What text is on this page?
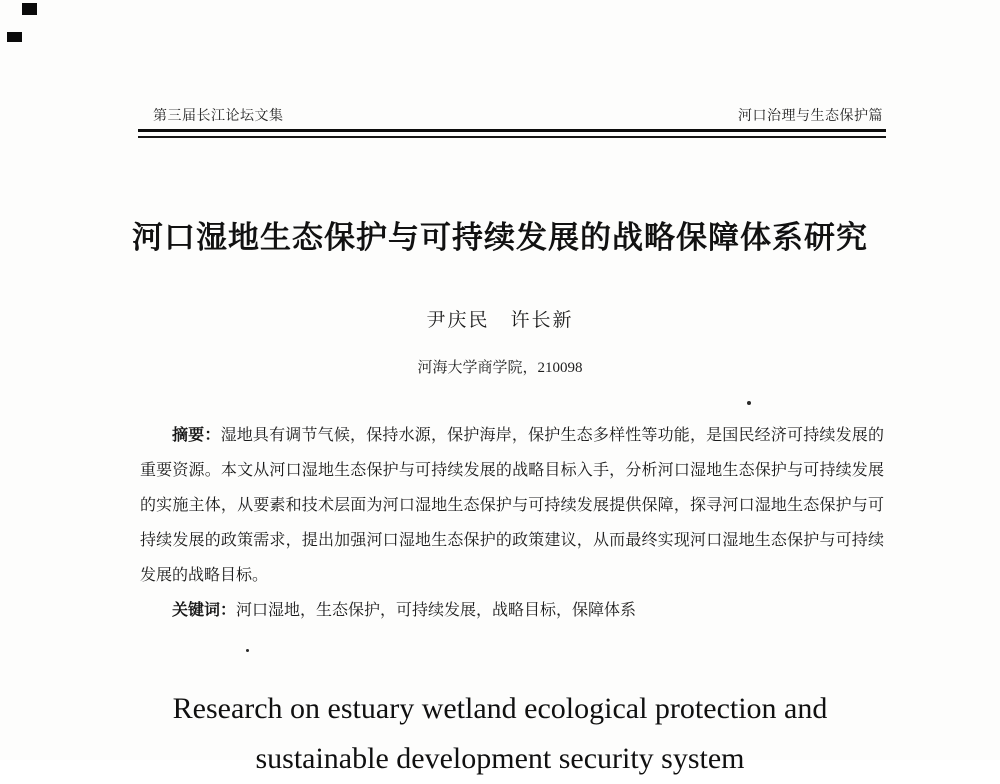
第三届长江论坛文集	河口治理与生态保护篇
河口湿地生态保护与可持续发展的战略保障体系研究
尹庆民　许长新
河海大学商学院，210098

摘要：湿地具有调节气候，保持水源，保护海岸，保护生态多样性等功能，是国民经济可持续发展的重要资源。本文从河口湿地生态保护与可持续发展的战略目标入手，分析河口湿地生态保护与可持续发展的实施主体，从要素和技术层面为河口湿地生态保护与可持续发展提供保障，探寻河口湿地生态保护与可持续发展的政策需求，提出加强河口湿地生态保护的政策建议，从而最终实现河口湿地生态保护与可持续发展的战略目标。

关键词：河口湿地，生态保护，可持续发展，战略目标，保障体系

Research on estuary wetland ecological protection and
sustainable development security system
